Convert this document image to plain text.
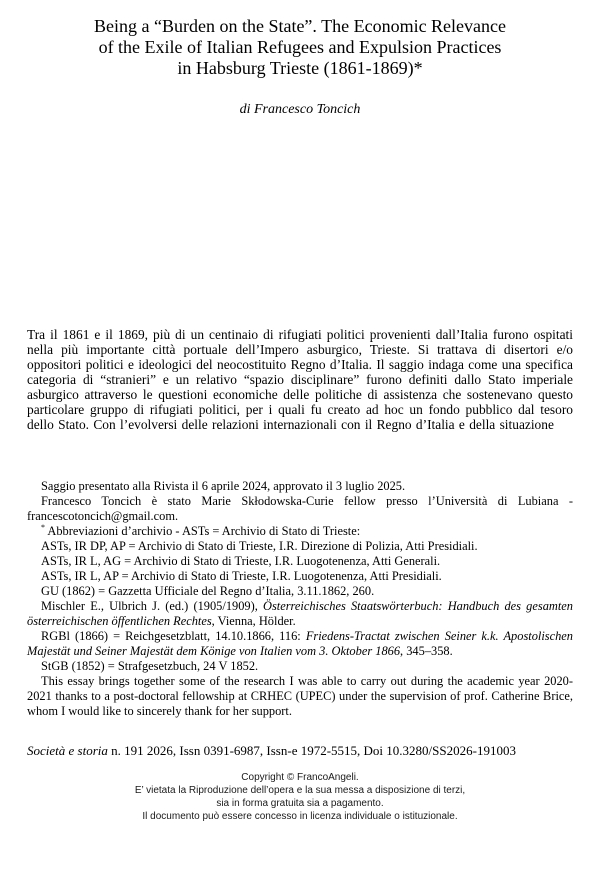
Being a “Burden on the State”. The Economic Relevance
of the Exile of Italian Refugees and Expulsion Practices
in Habsburg Trieste (1861-1869)*
di Francesco Toncich

Tra il 1861 e il 1869, più di un centinaio di rifugiati politici provenienti dall’Italia furono ospitati nella più importante città portuale dell’Impero asburgico, Trieste. Si trattava di disertori e/o oppositori politici e ideologici del neocostituito Regno d’Italia. Il saggio indaga come una specifica categoria di “stranieri” e un relativo “spazio disciplinare” furono definiti dallo Stato imperiale asburgico attraverso le questioni economiche delle politiche di assistenza che sostenevano questo particolare gruppo di rifugiati politici, per i quali fu creato ad hoc un fondo pubblico dal tesoro dello Stato. Con l’evolversi delle relazioni internazionali con il Regno d’Italia e della situazione

Saggio presentato alla Rivista il 6 aprile 2024, approvato il 3 luglio 2025.

Francesco Toncich è stato Marie Skłodowska-Curie fellow presso l’Università di Lubiana - francescotoncich@gmail.com.

* Abbreviazioni d’archivio - ASTs = Archivio di Stato di Trieste:

ASTs, IR DP, AP = Archivio di Stato di Trieste, I.R. Direzione di Polizia, Atti Presidiali.

ASTs, IR L, AG = Archivio di Stato di Trieste, I.R. Luogotenenza, Atti Generali.

ASTs, IR L, AP = Archivio di Stato di Trieste, I.R. Luogotenenza, Atti Presidiali.

GU (1862) = Gazzetta Ufficiale del Regno d’Italia, 3.11.1862, 260.

Mischler E., Ulbrich J. (ed.) (1905/1909), Österreichisches Staatswörterbuch: Handbuch des gesamten österreichischen öffentlichen Rechtes, Vienna, Hölder.

RGBl (1866) = Reichgesetzblatt, 14.10.1866, 116: Friedens-Tractat zwischen Seiner k.k. Apostolischen Majestät und Seiner Majestät dem Könige von Italien vom 3. Oktober 1866, 345–358.

StGB (1852) = Strafgesetzbuch, 24 V 1852.

This essay brings together some of the research I was able to carry out during the academic year 2020-2021 thanks to a post-doctoral fellowship at CRHEC (UPEC) under the supervision of prof. Catherine Brice, whom I would like to sincerely thank for her support.

Società e storia n. 191 2026, Issn 0391-6987, Issn-e 1972-5515, Doi 10.3280/SS2026-191003
Copyright © FrancoAngeli.
E’ vietata la Riproduzione dell’opera e la sua messa a disposizione di terzi,
sia in forma gratuita sia a pagamento.
Il documento può essere concesso in licenza individuale o istituzionale.
